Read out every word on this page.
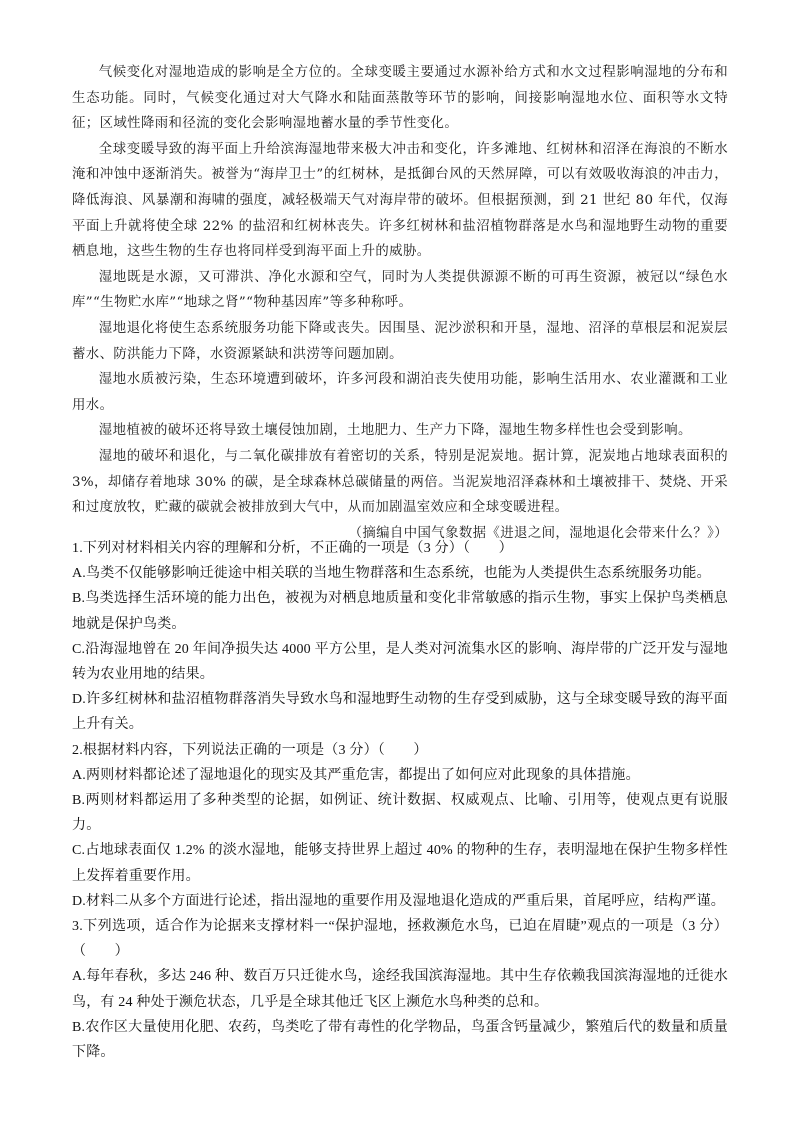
气候变化对湿地造成的影响是全方位的。全球变暖主要通过水源补给方式和水文过程影响湿地的分布和生态功能。同时，气候变化通过对大气降水和陆面蒸散等环节的影响，间接影响湿地水位、面积等水文特征；区域性降雨和径流的变化会影响湿地蓄水量的季节性变化。

全球变暖导致的海平面上升给滨海湿地带来极大冲击和变化，许多滩地、红树林和沼泽在海浪的不断水淹和冲蚀中逐渐消失。被誉为“海岸卫士”的红树林，是抵御台风的天然屏障，可以有效吸收海浪的冲击力，降低海浪、风暴潮和海啸的强度，减轻极端天气对海岸带的破坏。但根据预测，到 21 世纪 80 年代，仅海平面上升就将使全球 22% 的盐沼和红树林丧失。许多红树林和盐沼植物群落是水鸟和湿地野生动物的重要栖息地，这些生物的生存也将同样受到海平面上升的威胁。

湿地既是水源，又可滞洪、净化水源和空气，同时为人类提供源源不断的可再生资源，被冠以“绿色水库”“生物贮水库”“地球之肾”“物种基因库”等多种称呼。

湿地退化将使生态系统服务功能下降或丧失。因围垦、泥沙淤积和开垦，湿地、沼泽的草根层和泥炭层蓄水、防洪能力下降，水资源紧缺和洪涝等问题加剧。

湿地水质被污染，生态环境遭到破坏，许多河段和湖泊丧失使用功能，影响生活用水、农业灌溉和工业用水。

湿地植被的破坏还将导致土壤侵蚀加剧，土地肥力、生产力下降，湿地生物多样性也会受到影响。

湿地的破坏和退化，与二氧化碳排放有着密切的关系，特别是泥炭地。据计算，泥炭地占地球表面积的 3%，却储存着地球 30% 的碳，是全球森林总碳储量的两倍。当泥炭地沼泽森林和土壤被排干、焚烧、开采和过度放牧，贮藏的碳就会被排放到大气中，从而加剧温室效应和全球变暖进程。

（摘编自中国气象数据《进退之间，湿地退化会带来什么？》）

1.下列对材料相关内容的理解和分析，不正确的一项是（3 分）（　　）

A.鸟类不仅能够影响迁徙途中相关联的当地生物群落和生态系统，也能为人类提供生态系统服务功能。

B.鸟类选择生活环境的能力出色，被视为对栖息地质量和变化非常敏感的指示生物，事实上保护鸟类栖息地就是保护鸟类。

C.沿海湿地曾在 20 年间净损失达 4000 平方公里，是人类对河流集水区的影响、海岸带的广泛开发与湿地转为农业用地的结果。

D.许多红树林和盐沼植物群落消失导致水鸟和湿地野生动物的生存受到威胁，这与全球变暖导致的海平面上升有关。

2.根据材料内容，下列说法正确的一项是（3 分）（　　）

A.两则材料都论述了湿地退化的现实及其严重危害，都提出了如何应对此现象的具体措施。

B.两则材料都运用了多种类型的论据，如例证、统计数据、权威观点、比喻、引用等，使观点更有说服力。

C.占地球表面仅 1.2% 的淡水湿地，能够支持世界上超过 40% 的物种的生存，表明湿地在保护生物多样性上发挥着重要作用。

D.材料二从多个方面进行论述，指出湿地的重要作用及湿地退化造成的严重后果，首尾呼应，结构严谨。

3.下列选项，适合作为论据来支撑材料一“保护湿地，拯救濒危水鸟，已迫在眉睫”观点的一项是（3 分）（　　）

A.每年春秋，多达 246 种、数百万只迁徙水鸟，途经我国滨海湿地。其中生存依赖我国滨海湿地的迁徙水鸟，有 24 种处于濒危状态，几乎是全球其他迁飞区上濒危水鸟种类的总和。

B.农作区大量使用化肥、农药，鸟类吃了带有毒性的化学物品，鸟蛋含钙量减少，繁殖后代的数量和质量下降。
